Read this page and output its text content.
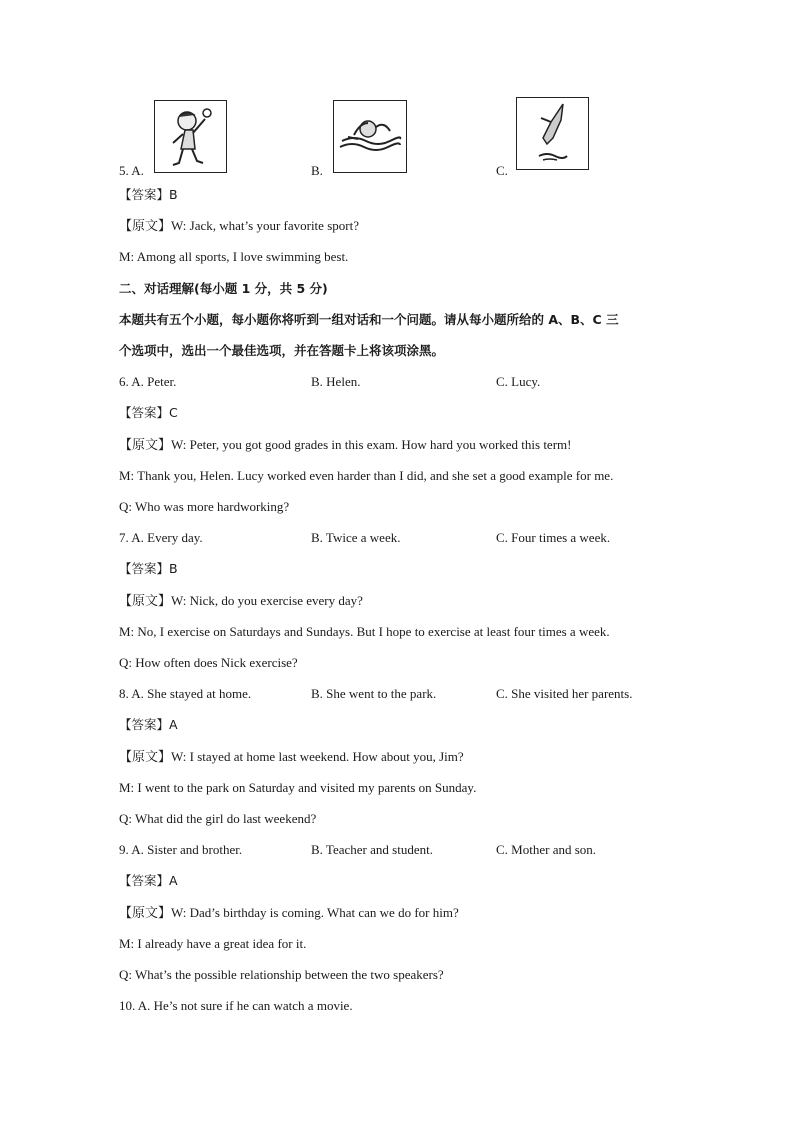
5. A.	B.	C.
【答案】B
【原文】W: Jack, what’s your favorite sport?
M: Among all sports, I love swimming best.
二、对话理解(每小题 1 分，共 5 分)
本题共有五个小题，每小题你将听到一组对话和一个问题。请从每小题所给的 A、B、C 三
个选项中，选出一个最佳选项，并在答题卡上将该项涂黑。
6. A. Peter.	B. Helen.	C. Lucy.
【答案】C
【原文】W: Peter, you got good grades in this exam. How hard you worked this term!
M: Thank you, Helen. Lucy worked even harder than I did, and she set a good example for me.
Q: Who was more hardworking?
7. A. Every day.	B. Twice a week.	C. Four times a week.
【答案】B
【原文】W: Nick, do you exercise every day?
M: No, I exercise on Saturdays and Sundays. But I hope to exercise at least four times a week.
Q: How often does Nick exercise?
8. A. She stayed at home.	B. She went to the park.	C. She visited her parents.
【答案】A
【原文】W: I stayed at home last weekend. How about you, Jim?
M: I went to the park on Saturday and visited my parents on Sunday.
Q: What did the girl do last weekend?
9. A. Sister and brother.	B. Teacher and student.	C. Mother and son.
【答案】A
【原文】W: Dad’s birthday is coming. What can we do for him?
M: I already have a great idea for it.
Q: What’s the possible relationship between the two speakers?
10. A. He’s not sure if he can watch a movie.
